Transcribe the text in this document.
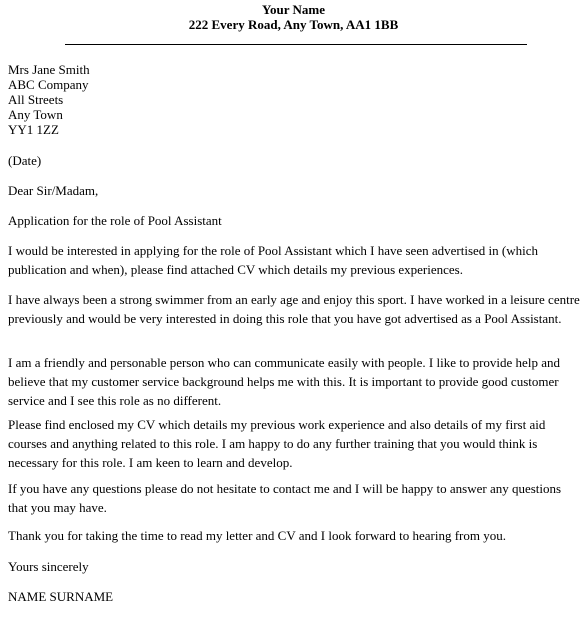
Your Name
222 Every Road, Any Town, AA1 1BB
Mrs Jane Smith
ABC Company
All Streets
Any Town
YY1 1ZZ

(Date)

Dear Sir/Madam,

Application for the role of Pool Assistant

I would be interested in applying for the role of Pool Assistant which I have seen advertised in (which publication and when), please find attached CV which details my previous experiences.

I have always been a strong swimmer from an early age and enjoy this sport. I have worked in a leisure centre previously and would be very interested in doing this role that you have got advertised as a Pool Assistant.

I am a friendly and personable person who can communicate easily with people. I like to provide help and believe that my customer service background helps me with this. It is important to provide good customer service and I see this role as no different.

Please find enclosed my CV which details my previous work experience and also details of my first aid courses and anything related to this role. I am happy to do any further training that you would think is necessary for this role. I am keen to learn and develop.

If you have any questions please do not hesitate to contact me and I will be happy to answer any questions that you may have.

Thank you for taking the time to read my letter and CV and I look forward to hearing from you.

Yours sincerely

NAME SURNAME
